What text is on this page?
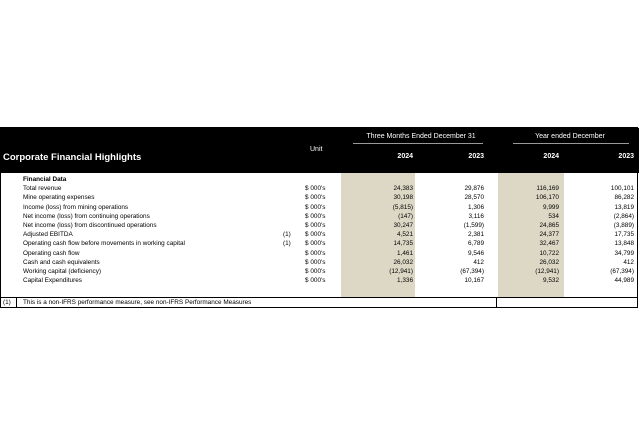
Corporate Financial Highlights
Unit
Three Months Ended December 31	Year ended December
2024	2023	2024	2023
Financial Data
Total revenue	$ 000's	24,383	29,876	116,169	100,101
Mine operating expenses	$ 000's	30,198	28,570	106,170	86,282
Income (loss) from mining operations	$ 000's	(5,815)	1,306	9,999	13,819
Net income (loss) from continuing operations	$ 000's	(147)	3,116	534	(2,864)
Net income (loss) from discontinued operations	$ 000's	30,247	(1,599)	24,865	(3,889)
Adjusted EBITDA	(1) $ 000's	4,521	2,381	24,377	17,735
Operating cash flow before movements in working capital	(1) $ 000's	14,735	6,789	32,467	13,848
Operating cash flow	$ 000's	1,461	9,546	10,722	34,799
Cash and cash equivalents	$ 000's	26,032	412	26,032	412
Working capital (deficiency)	$ 000's	(12,941)	(67,394)	(12,941)	(67,394)
Capital Expenditures	$ 000's	1,336	10,167	9,532	44,989
(1) This is a non-IFRS performance measure, see non-IFRS Performance Measures
